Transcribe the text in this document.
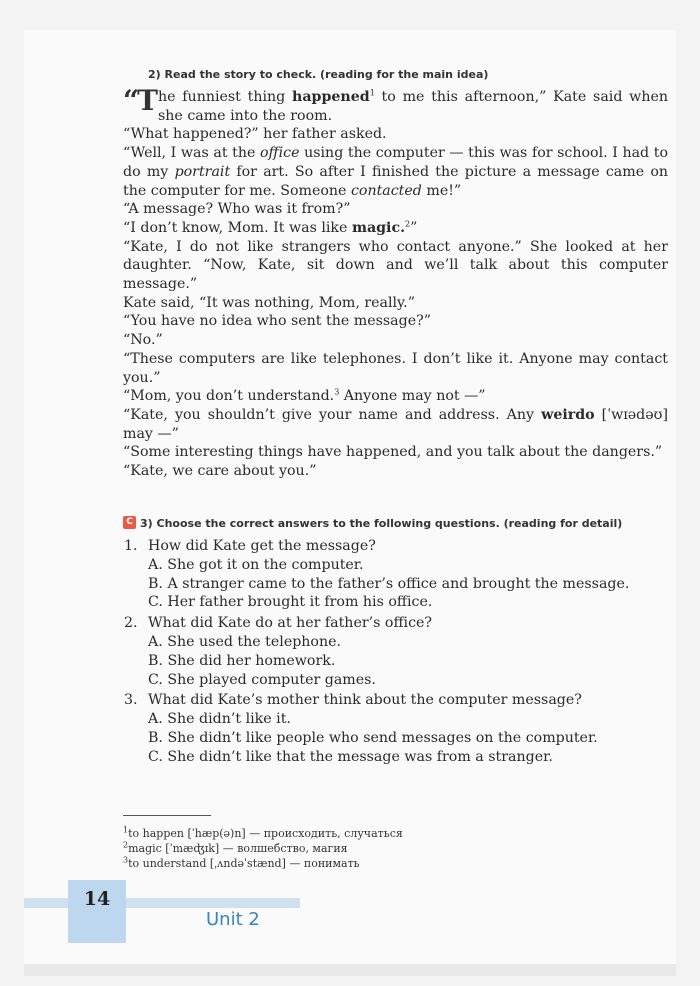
2) Read the story to check. (reading for the main idea)

“T he funniest thing happened$^1$ to me this afternoon,” Kate said when she came into the room.

“What happened?” her father asked.

“Well, I was at the office using the computer — this was for school. I had to do my portrait for art. So after I finished the picture a message came on the computer for me. Someone contacted me!”

“A message? Who was it from?”

“I don’t know, Mom. It was like magic.$^2$”

“Kate, I do not like strangers who contact anyone.” She looked at her daughter. “Now, Kate, sit down and we’ll talk about this computer message.”

Kate said, “It was nothing, Mom, really.”

“You have no idea who sent the message?”

“No.”

“These computers are like telephones. I don’t like it. Anyone may contact you.”

“Mom, you don’t understand.$^3$ Anyone may not —”

“Kate, you shouldn’t give your name and address. Any weirdo [ˈwɪədəʊ] may —”

“Some interesting things have happened, and you talk about the dangers.”

“Kate, we care about you.”

C 3) Choose the correct answers to the following questions. (reading for detail)
1. How did Kate get the message?
A. She got it on the computer.
B. A stranger came to the father’s office and brought the message.
C. Her father brought it from his office.
2. What did Kate do at her father’s office?
A. She used the telephone.
B. She did her homework.
C. She played computer games.
3. What did Kate’s mother think about the computer message?
A. She didn’t like it.
B. She didn’t like people who send messages on the computer.
C. She didn’t like that the message was from a stranger.
$^1$to happen [ˈhæp(ə)n] — происходить, случаться
$^2$magic [ˈmæʤɪk] — волшебство, магия
$^3$to understand [ˌʌndəˈstænd] — понимать
14
Unit 2
